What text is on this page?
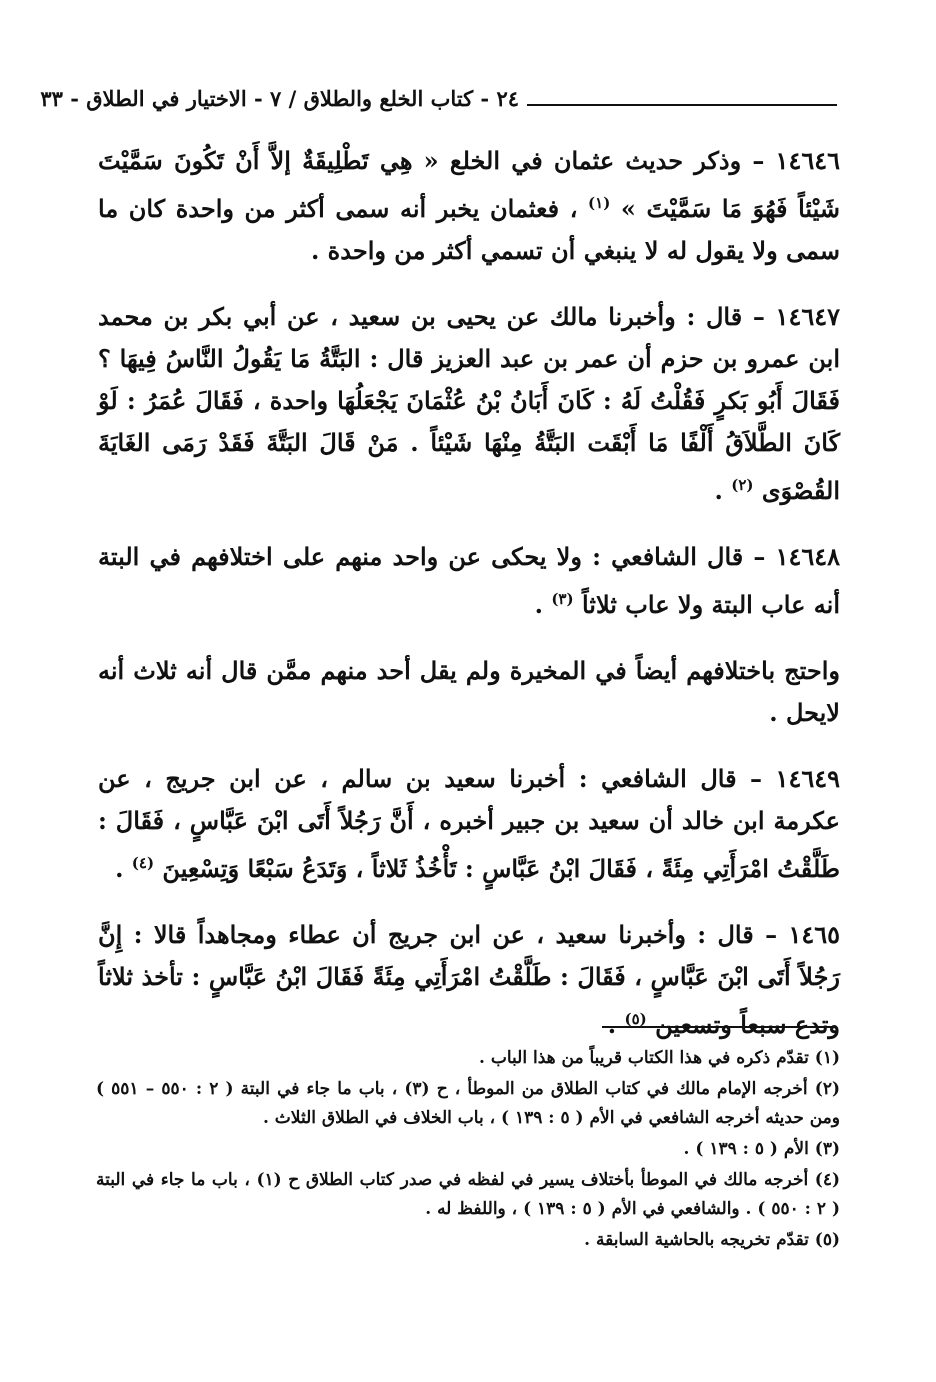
٢٤ - كتاب الخلع والطلاق / ٧ - الاختيار في الطلاق - ٣٣

١٤٦٤٦ – وذكر حديث عثمان في الخلع « هِي تَطْلِيقَةٌ إلاَّ أَنْ تَكُونَ سَمَّيْتَ شَيْئاً فَهُوَ مَا سَمَّيْتَ » $^{(١)}$ ، فعثمان يخبر أنه سمى أكثر من واحدة كان ما سمى ولا يقول له لا ينبغي أن تسمي أكثر من واحدة .

١٤٦٤٧ – قال : وأخبرنا مالك عن يحيى بن سعيد ، عن أبي بكر بن محمد ابن عمرو بن حزم أن عمر بن عبد العزيز قال : البَتَّةُ مَا يَقُولُ النَّاسُ فِيهَا ؟ فَقَالَ أَبُو بَكرٍ فَقُلْتُ لَهُ : كَانَ أَبَانُ بْنُ عُثْمَانَ يَجْعَلُهَا واحدة ، فَقَالَ عُمَرُ : لَوْ كَانَ الطَّلاَقُ أَلْفًا مَا أَبْقَت البَتَّةُ مِنْهَا شَيْئاً . مَنْ قَالَ البَتَّةَ فَقَدْ رَمَى الغَايَةَ القُصْوَى $^{(٢)}$ .

١٤٦٤٨ – قال الشافعي : ولا يحكى عن واحد منهم على اختلافهم في البتة أنه عاب البتة ولا عاب ثلاثاً $^{(٣)}$ .

واحتج باختلافهم أيضاً في المخيرة ولم يقل أحد منهم ممَّن قال أنه ثلاث أنه لايحل .

١٤٦٤٩ – قال الشافعي : أخبرنا سعيد بن سالم ، عن ابن جريج ، عن عكرمة ابن خالد أن سعيد بن جبير أخبره ، أَنَّ رَجُلاً أَتَى ابْنَ عَبَّاسٍ ، فَقَالَ : طَلَّقْتُ امْرَأَتِي مِئَةً ، فَقَالَ ابْنُ عَبَّاسٍ : تَأْخُذُ ثَلاثاً ، وَتَدَعُ سَبْعًا وَتِسْعِينَ $^{(٤)}$ .

١٤٦٥ – قال : وأخبرنا سعيد ، عن ابن جريج أن عطاء ومجاهداً قالا : إِنَّ رَجُلاً أَتَى ابْنَ عَبَّاسٍ ، فَقَالَ : طَلَّقْتُ امْرَأَتِي مِئَةً فَقَالَ ابْنُ عَبَّاسٍ : تأخذ ثلاثاً وتدع سبعاً وتسعين $^{(٥)}$ .

(١) تقدّم ذكره في هذا الكتاب قريباً من هذا الباب .

(٢) أخرجه الإمام مالك في كتاب الطلاق من الموطأ ، ح (٣) ، باب ما جاء في البتة ( ٢ : ٥٥٠ – ٥٥١ ) ومن حديثه أخرجه الشافعي في الأم ( ٥ : ١٣٩ ) ، باب الخلاف في الطلاق الثلاث .

(٣) الأم ( ٥ : ١٣٩ ) .

(٤) أخرجه مالك في الموطأ بأختلاف يسير في لفظه في صدر كتاب الطلاق ح (١) ، باب ما جاء في البتة ( ٢ : ٥٥٠ ) . والشافعي في الأم ( ٥ : ١٣٩ ) ، واللفظ له .

(٥) تقدّم تخريجه بالحاشية السابقة .
